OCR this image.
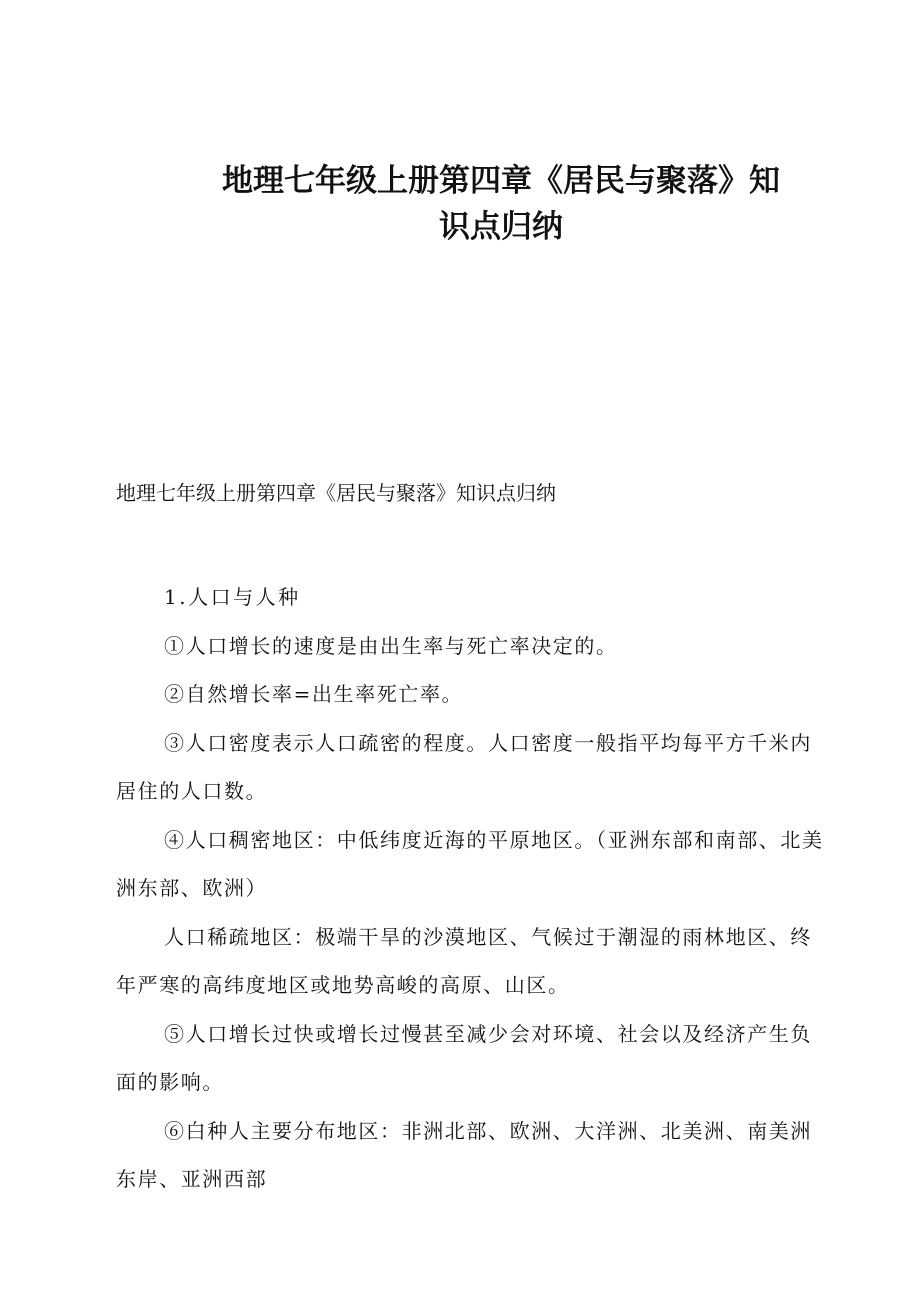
地理七年级上册第四章《居民与聚落》知
识点归纳
地理七年级上册第四章《居民与聚落》知识点归纳

1.人口与人种

①人口增长的速度是由出生率与死亡率决定的。

②自然增长率=出生率死亡率。

③人口密度表示人口疏密的程度。人口密度一般指平均每平方千米内居住的人口数。

④人口稠密地区：中低纬度近海的平原地区。（亚洲东部和南部、北美洲东部、欧洲）

人口稀疏地区：极端干旱的沙漠地区、气候过于潮湿的雨林地区、终年严寒的高纬度地区或地势高峻的高原、山区。

⑤人口增长过快或增长过慢甚至减少会对环境、社会以及经济产生负面的影响。

⑥白种人主要分布地区：非洲北部、欧洲、大洋洲、北美洲、南美洲东岸、亚洲西部
